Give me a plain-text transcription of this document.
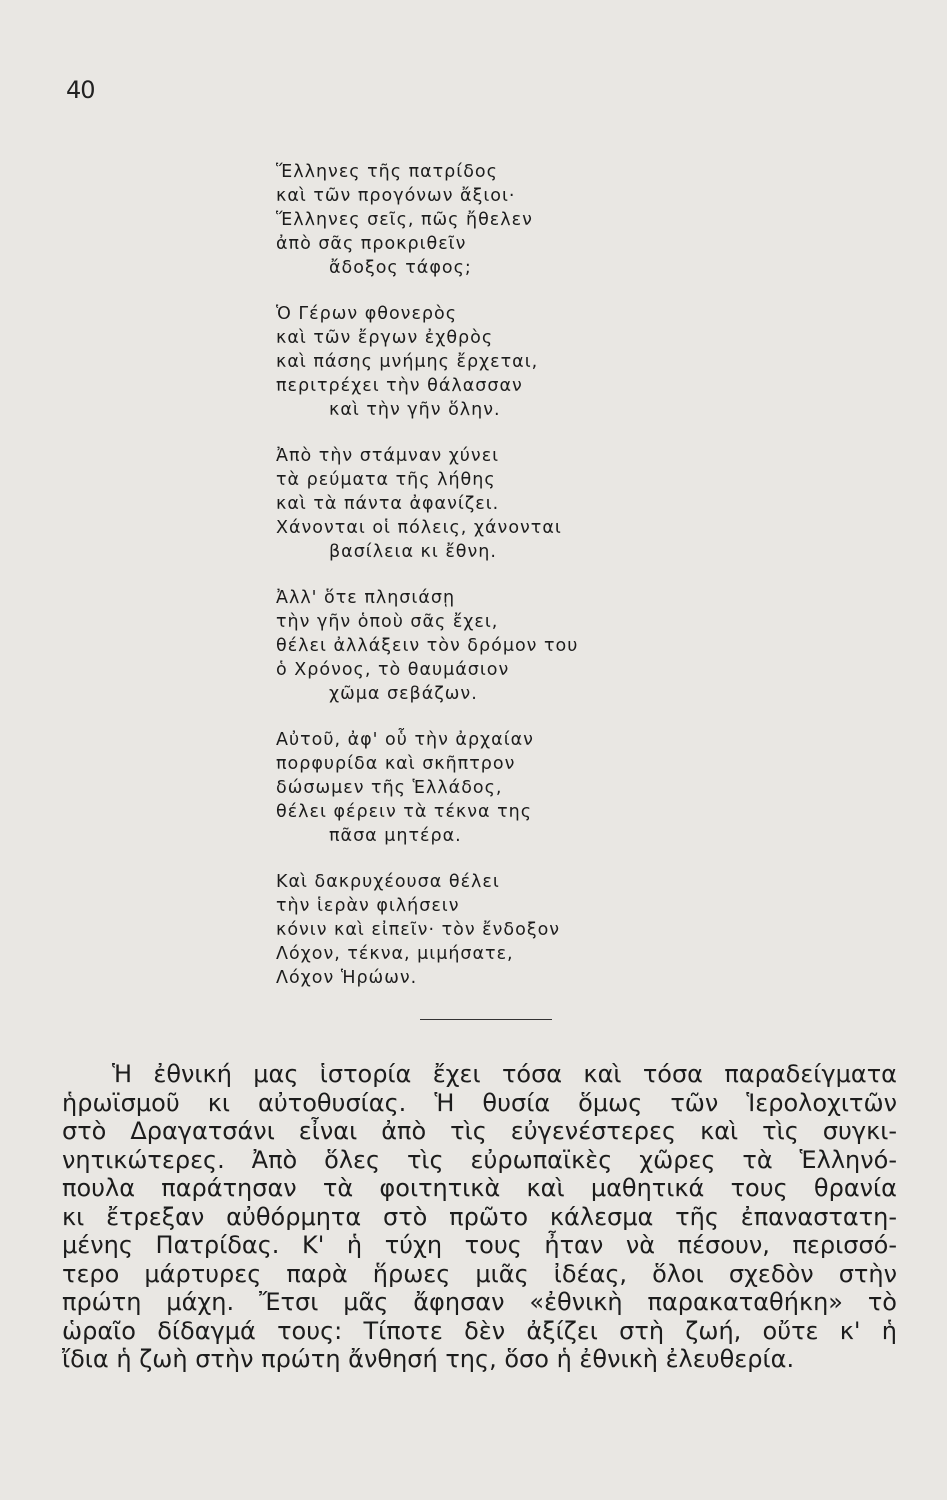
40
Ἕλληνες τῆς πατρίδος
καὶ τῶν προγόνων ἄξιοι·
Ἕλληνες σεῖς, πῶς ἤθελεν
ἀπὸ σᾶς προκριθεῖν
ἄδοξος τάφος;
Ὁ Γέρων φθονερὸς
καὶ τῶν ἔργων ἐχθρὸς
καὶ πάσης μνήμης ἔρχεται,
περιτρέχει τὴν θάλασσαν
καὶ τὴν γῆν ὅλην.
Ἀπὸ τὴν στάμναν χύνει
τὰ ρεύματα τῆς λήθης
καὶ τὰ πάντα ἀφανίζει.
Χάνονται οἱ πόλεις, χάνονται
βασίλεια κι ἔθνη.
Ἀλλ' ὅτε πλησιάσῃ
τὴν γῆν ὁποὺ σᾶς ἔχει,
θέλει ἀλλάξειν τὸν δρόμον του
ὁ Χρόνος, τὸ θαυμάσιον
χῶμα σεβάζων.
Αὐτοῦ, ἀφ' οὗ τὴν ἀρχαίαν
πορφυρίδα καὶ σκῆπτρον
δώσωμεν τῆς Ἑλλάδος,
θέλει φέρειν τὰ τέκνα της
πᾶσα μητέρα.
Καὶ δακρυχέουσα θέλει
τὴν ἱερὰν φιλήσειν
κόνιν καὶ εἰπεῖν· τὸν ἔνδοξον
Λόχον, τέκνα, μιμήσατε,
Λόχον Ἡρώων.
Ἡ ἐθνική μας ἱστορία ἔχει τόσα καὶ τόσα παραδείγματα
ἡρωϊσμοῦ κι αὐτοθυσίας. Ἡ θυσία ὅμως τῶν Ἱερολοχιτῶν
στὸ Δραγατσάνι εἶναι ἀπὸ τὶς εὐγενέστερες καὶ τὶς συγκι-
νητικώτερες. Ἀπὸ ὅλες τὶς εὐρωπαϊκὲς χῶρες τὰ Ἑλληνό-
πουλα παράτησαν τὰ φοιτητικὰ καὶ μαθητικά τους θρανία
κι ἔτρεξαν αὐθόρμητα στὸ πρῶτο κάλεσμα τῆς ἐπαναστατη-
μένης Πατρίδας. Κ' ἡ τύχη τους ἦταν νὰ πέσουν, περισσό-
τερο μάρτυρες παρὰ ἥρωες μιᾶς ἰδέας, ὅλοι σχεδὸν στὴν
πρώτη μάχη. Ἔτσι μᾶς ἄφησαν «ἐθνικὴ παρακαταθήκη» τὸ
ὡραῖο δίδαγμά τους: Τίποτε δὲν ἀξίζει στὴ ζωή, οὔτε κ' ἡ
ἴδια ἡ ζωὴ στὴν πρώτη ἄνθησή της, ὅσο ἡ ἐθνικὴ ἐλευθερία.
